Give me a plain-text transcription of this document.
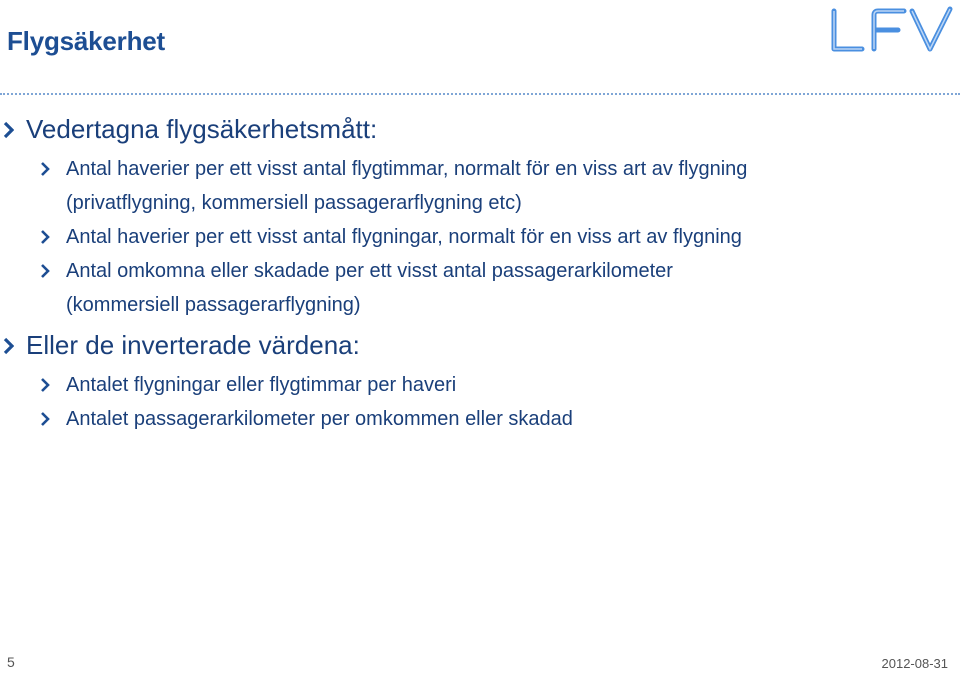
Flygsäkerhet
Vedertagna flygsäkerhetsmått:
Antal haverier per ett visst antal flygtimmar, normalt för en viss art av flygning
(privatflygning, kommersiell passagerarflygning etc)
Antal haverier per ett visst antal flygningar, normalt för en viss art av flygning
Antal omkomna eller skadade per ett visst antal passagerarkilometer
(kommersiell passagerarflygning)
Eller de inverterade värdena:
Antalet flygningar eller flygtimmar per haveri
Antalet passagerarkilometer per omkommen eller skadad
5	2012-08-31
